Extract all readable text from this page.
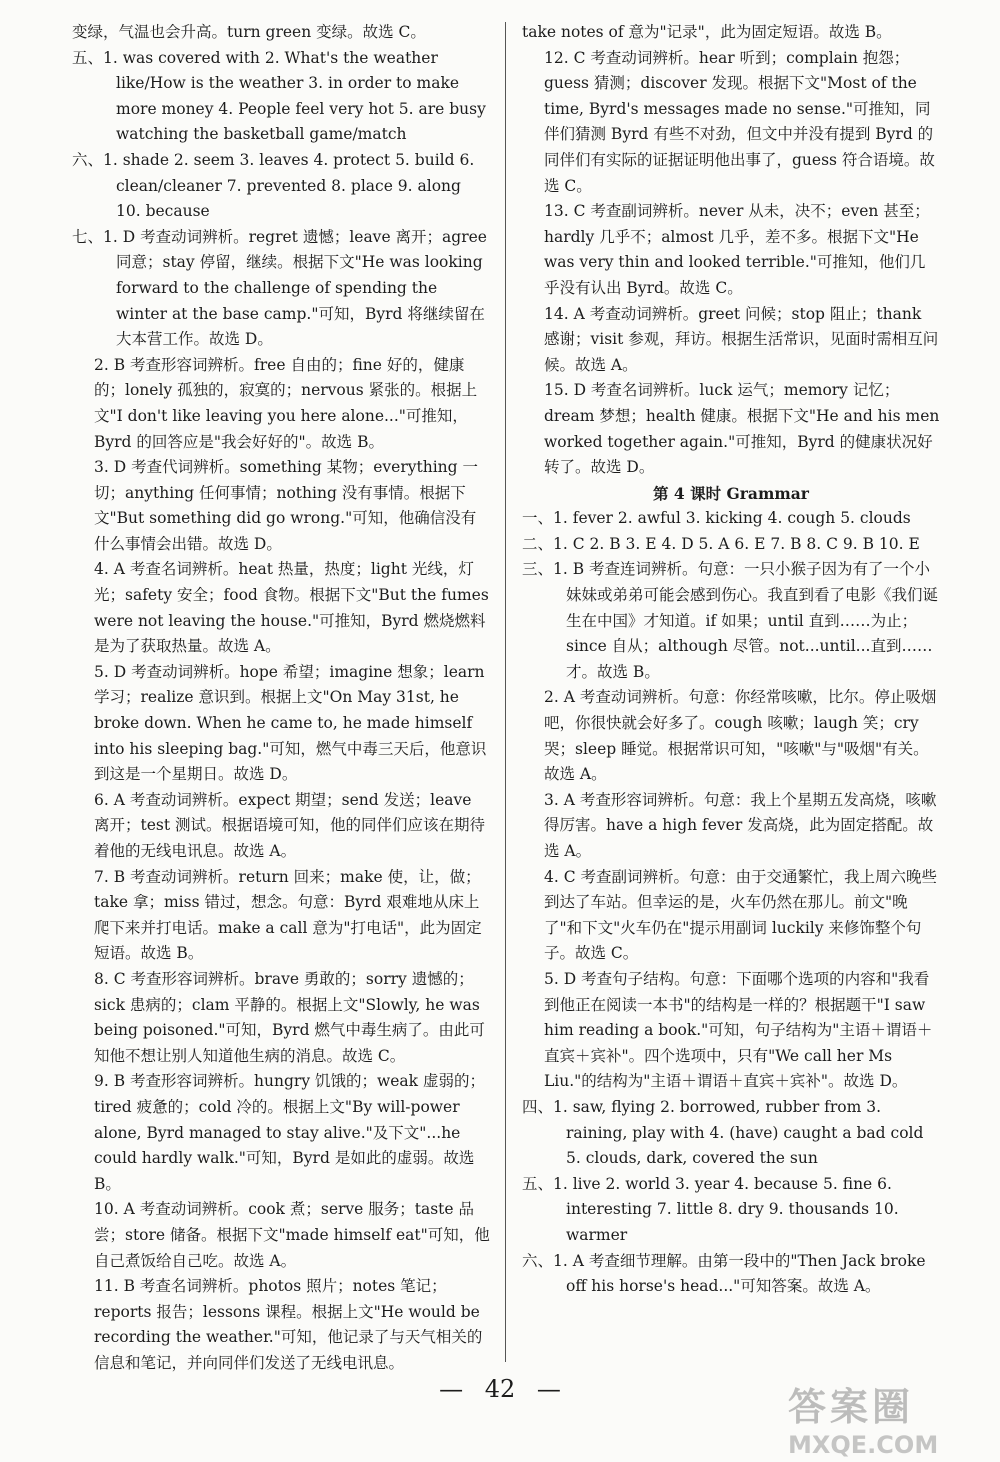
变绿，气温也会升高。turn green 变绿。故选 C。

五、1. was covered with 2. What's the weather like/How is the weather 3. in order to make more money 4. People feel very hot 5. are busy watching the basketball game/match

六、1. shade 2. seem 3. leaves 4. protect 5. build 6. clean/cleaner 7. prevented 8. place 9. along 10. because

七、1. D 考查动词辨析。regret 遗憾；leave 离开；agree 同意；stay 停留，继续。根据下文"He was looking forward to the challenge of spending the winter at the base camp."可知，Byrd 将继续留在大本营工作。故选 D。

2. B 考查形容词辨析。free 自由的；fine 好的，健康的；lonely 孤独的，寂寞的；nervous 紧张的。根据上文"I don't like leaving you here alone..."可推知，Byrd 的回答应是"我会好好的"。故选 B。

3. D 考查代词辨析。something 某物；everything 一切；anything 任何事情；nothing 没有事情。根据下文"But something did go wrong."可知，他确信没有什么事情会出错。故选 D。

4. A 考查名词辨析。heat 热量，热度；light 光线，灯光；safety 安全；food 食物。根据下文"But the fumes were not leaving the house."可推知，Byrd 燃烧燃料是为了获取热量。故选 A。

5. D 考查动词辨析。hope 希望；imagine 想象；learn 学习；realize 意识到。根据上文"On May 31st, he broke down. When he came to, he made himself into his sleeping bag."可知，燃气中毒三天后，他意识到这是一个星期日。故选 D。

6. A 考查动词辨析。expect 期望；send 发送；leave 离开；test 测试。根据语境可知，他的同伴们应该在期待着他的无线电讯息。故选 A。

7. B 考查动词辨析。return 回来；make 使，让，做；take 拿；miss 错过，想念。句意：Byrd 艰难地从床上爬下来并打电话。make a call 意为"打电话"，此为固定短语。故选 B。

8. C 考查形容词辨析。brave 勇敢的；sorry 遗憾的；sick 患病的；clam 平静的。根据上文"Slowly, he was being poisoned."可知，Byrd 燃气中毒生病了。由此可知他不想让别人知道他生病的消息。故选 C。

9. B 考查形容词辨析。hungry 饥饿的；weak 虚弱的；tired 疲惫的；cold 冷的。根据上文"By will-power alone, Byrd managed to stay alive."及下文"...he could hardly walk."可知，Byrd 是如此的虚弱。故选 B。

10. A 考查动词辨析。cook 煮；serve 服务；taste 品尝；store 储备。根据下文"made himself eat"可知，他自己煮饭给自己吃。故选 A。

11. B 考查名词辨析。photos 照片；notes 笔记；reports 报告；lessons 课程。根据上文"He would be recording the weather."可知，他记录了与天气相关的信息和笔记，并向同伴们发送了无线电讯息。

take notes of 意为"记录"，此为固定短语。故选 B。

12. C 考查动词辨析。hear 听到；complain 抱怨；guess 猜测；discover 发现。根据下文"Most of the time, Byrd's messages made no sense."可推知，同伴们猜测 Byrd 有些不对劲，但文中并没有提到 Byrd 的同伴们有实际的证据证明他出事了，guess 符合语境。故选 C。

13. C 考查副词辨析。never 从未，决不；even 甚至；hardly 几乎不；almost 几乎，差不多。根据下文"He was very thin and looked terrible."可推知，他们几乎没有认出 Byrd。故选 C。

14. A 考查动词辨析。greet 问候；stop 阻止；thank 感谢；visit 参观，拜访。根据生活常识，见面时需相互问候。故选 A。

15. D 考查名词辨析。luck 运气；memory 记忆；dream 梦想；health 健康。根据下文"He and his men worked together again."可推知，Byrd 的健康状况好转了。故选 D。

第 4 课时 Grammar

一、1. fever 2. awful 3. kicking 4. cough 5. clouds

二、1. C 2. B 3. E 4. D 5. A 6. E 7. B 8. C 9. B 10. E

三、1. B 考查连词辨析。句意：一只小猴子因为有了一个小妹妹或弟弟可能会感到伤心。我直到看了电影《我们诞生在中国》才知道。if 如果；until 直到……为止；since 自从；although 尽管。not...until...直到……才。故选 B。

2. A 考查动词辨析。句意：你经常咳嗽，比尔。停止吸烟吧，你很快就会好多了。cough 咳嗽；laugh 笑；cry 哭；sleep 睡觉。根据常识可知，"咳嗽"与"吸烟"有关。故选 A。

3. A 考查形容词辨析。句意：我上个星期五发高烧，咳嗽得厉害。have a high fever 发高烧，此为固定搭配。故选 A。

4. C 考查副词辨析。句意：由于交通繁忙，我上周六晚些到达了车站。但幸运的是，火车仍然在那儿。前文"晚了"和下文"火车仍在"提示用副词 luckily 来修饰整个句子。故选 C。

5. D 考查句子结构。句意：下面哪个选项的内容和"我看到他正在阅读一本书"的结构是一样的？根据题干"I saw him reading a book."可知，句子结构为"主语＋谓语＋直宾＋宾补"。四个选项中，只有"We call her Ms Liu."的结构为"主语＋谓语＋直宾＋宾补"。故选 D。

四、1. saw, flying 2. borrowed, rubber from 3. raining, play with 4. (have) caught a bad cold 5. clouds, dark, covered the sun

五、1. live 2. world 3. year 4. because 5. fine 6. interesting 7. little 8. dry 9. thousands 10. warmer

六、1. A 考查细节理解。由第一段中的"Then Jack broke off his horse's head..."可知答案。故选 A。

— 42 —	答案圈
MXQE.COM
